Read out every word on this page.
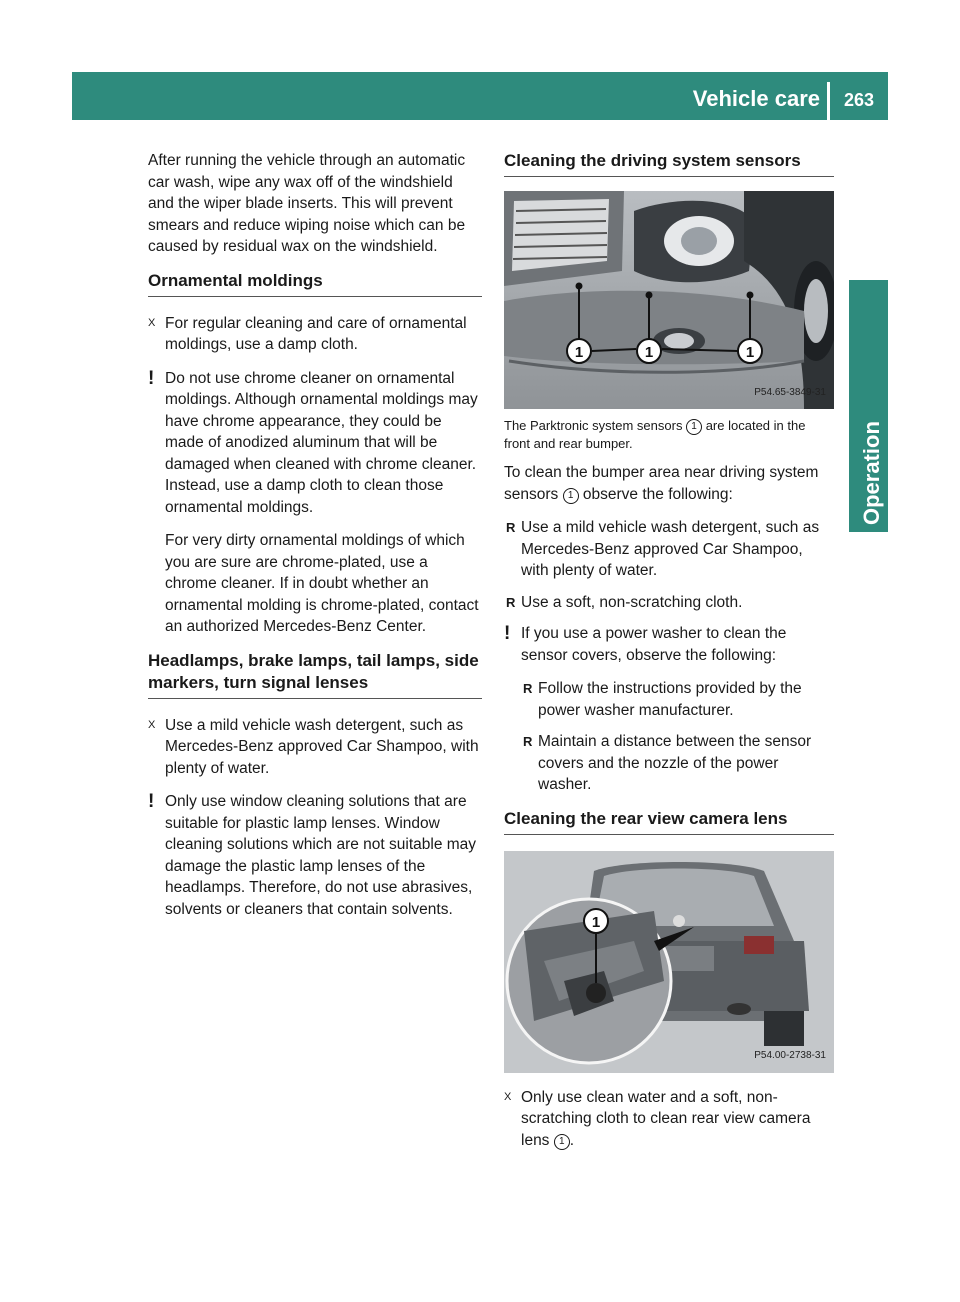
Vehicle care	263
Operation

After running the vehicle through an automatic car wash, wipe any wax off of the windshield and the wiper blade inserts. This will prevent smears and reduce wiping noise which can be caused by residual wax on the windshield.

Ornamental moldings
X For regular cleaning and care of ornamental moldings, use a damp cloth.
! Do not use chrome cleaner on ornamental moldings. Although ornamental moldings may have chrome appearance, they could be made of anodized aluminum that will be damaged when cleaned with chrome cleaner. Instead, use a damp cloth to clean those ornamental moldings.

For very dirty ornamental moldings of which you are sure are chrome-plated, use a chrome cleaner. If in doubt whether an ornamental molding is chrome-plated, contact an authorized Mercedes-Benz Center.

Headlamps, brake lamps, tail lamps, side markers, turn signal lenses
X Use a mild vehicle wash detergent, such as Mercedes-Benz approved Car Shampoo, with plenty of water.
! Only use window cleaning solutions that are suitable for plastic lamp lenses. Window cleaning solutions which are not suitable may damage the plastic lamp lenses of the headlamps. Therefore, do not use abrasives, solvents or cleaners that contain solvents.
Cleaning the driving system sensors
1	1	1
P54.65-3849-31
The Parktronic system sensors 1 are located in the front and rear bumper.

To clean the bumper area near driving system sensors 1 observe the following:

R Use a mild vehicle wash detergent, such as Mercedes-Benz approved Car Shampoo, with plenty of water.
R Use a soft, non-scratching cloth.
! If you use a power washer to clean the sensor covers, observe the following:

R Follow the instructions provided by the power washer manufacturer.
R Maintain a distance between the sensor covers and the nozzle of the power washer.
Cleaning the rear view camera lens
1
P54.00-2738-31
X Only use clean water and a soft, non-scratching cloth to clean rear view camera lens 1 .
